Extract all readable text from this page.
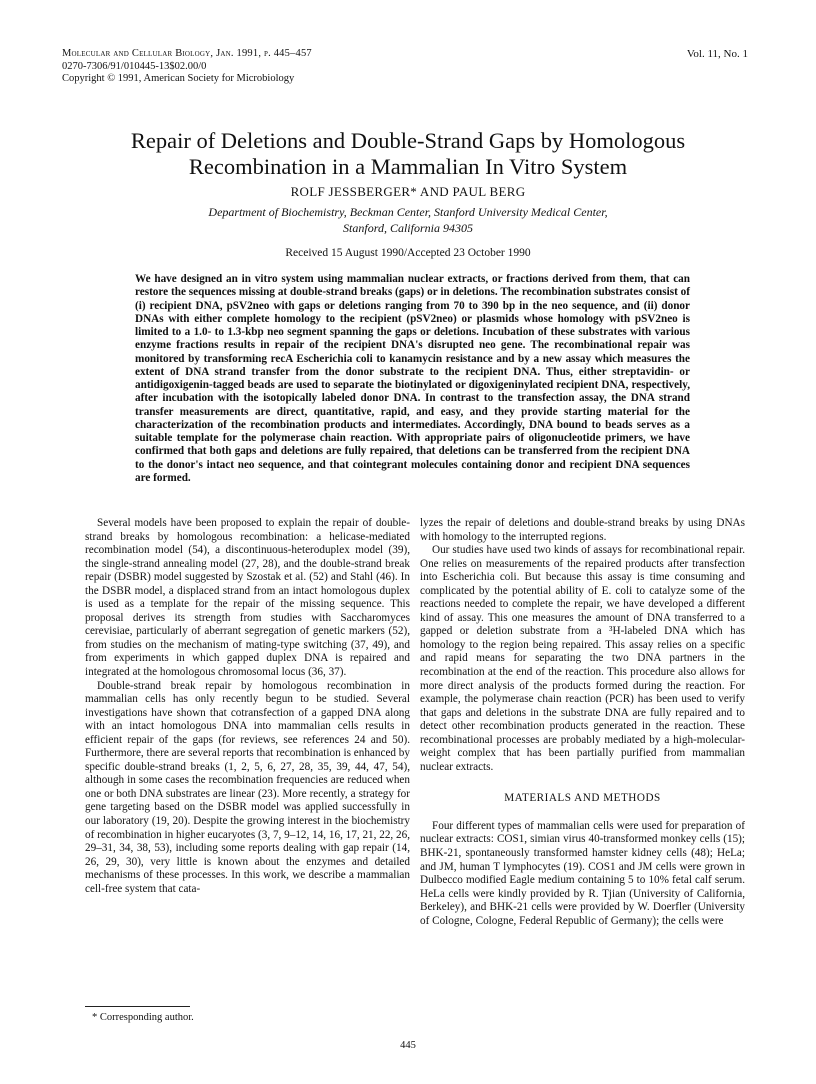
Molecular and Cellular Biology, Jan. 1991, p. 445–457
0270-7306/91/010445-13$02.00/0
Copyright © 1991, American Society for Microbiology
Vol. 11, No. 1
Repair of Deletions and Double-Strand Gaps by Homologous Recombination in a Mammalian In Vitro System
ROLF JESSBERGER* AND PAUL BERG
Department of Biochemistry, Beckman Center, Stanford University Medical Center,
Stanford, California 94305
Received 15 August 1990/Accepted 23 October 1990
We have designed an in vitro system using mammalian nuclear extracts, or fractions derived from them, that can restore the sequences missing at double-strand breaks (gaps) or in deletions. The recombination substrates consist of (i) recipient DNA, pSV2neo with gaps or deletions ranging from 70 to 390 bp in the neo sequence, and (ii) donor DNAs with either complete homology to the recipient (pSV2neo) or plasmids whose homology with pSV2neo is limited to a 1.0- to 1.3-kbp neo segment spanning the gaps or deletions. Incubation of these substrates with various enzyme fractions results in repair of the recipient DNA's disrupted neo gene. The recombinational repair was monitored by transforming recA Escherichia coli to kanamycin resistance and by a new assay which measures the extent of DNA strand transfer from the donor substrate to the recipient DNA. Thus, either streptavidin- or antidigoxigenin-tagged beads are used to separate the biotinylated or digoxigeninylated recipient DNA, respectively, after incubation with the isotopically labeled donor DNA. In contrast to the transfection assay, the DNA strand transfer measurements are direct, quantitative, rapid, and easy, and they provide starting material for the characterization of the recombination products and intermediates. Accordingly, DNA bound to beads serves as a suitable template for the polymerase chain reaction. With appropriate pairs of oligonucleotide primers, we have confirmed that both gaps and deletions are fully repaired, that deletions can be transferred from the recipient DNA to the donor's intact neo sequence, and that cointegrant molecules containing donor and recipient DNA sequences are formed.

Several models have been proposed to explain the repair of double-strand breaks by homologous recombination: a helicase-mediated recombination model (54), a discontinuous-heteroduplex model (39), the single-strand annealing model (27, 28), and the double-strand break repair (DSBR) model suggested by Szostak et al. (52) and Stahl (46). In the DSBR model, a displaced strand from an intact homologous duplex is used as a template for the repair of the missing sequence. This proposal derives its strength from studies with Saccharomyces cerevisiae, particularly of aberrant segregation of genetic markers (52), from studies on the mechanism of mating-type switching (37, 49), and from experiments in which gapped duplex DNA is repaired and integrated at the homologous chromosomal locus (36, 37).

Double-strand break repair by homologous recombination in mammalian cells has only recently begun to be studied. Several investigations have shown that cotransfection of a gapped DNA along with an intact homologous DNA into mammalian cells results in efficient repair of the gaps (for reviews, see references 24 and 50). Furthermore, there are several reports that recombination is enhanced by specific double-strand breaks (1, 2, 5, 6, 27, 28, 35, 39, 44, 47, 54), although in some cases the recombination frequencies are reduced when one or both DNA substrates are linear (23). More recently, a strategy for gene targeting based on the DSBR model was applied successfully in our laboratory (19, 20). Despite the growing interest in the biochemistry of recombination in higher eucaryotes (3, 7, 9–12, 14, 16, 17, 21, 22, 26, 29–31, 34, 38, 53), including some reports dealing with gap repair (14, 26, 29, 30), very little is known about the enzymes and detailed mechanisms of these processes. In this work, we describe a mammalian cell-free system that cata-

lyzes the repair of deletions and double-strand breaks by using DNAs with homology to the interrupted regions.

Our studies have used two kinds of assays for recombinational repair. One relies on measurements of the repaired products after transfection into Escherichia coli. But because this assay is time consuming and complicated by the potential ability of E. coli to catalyze some of the reactions needed to complete the repair, we have developed a different kind of assay. This one measures the amount of DNA transferred to a gapped or deletion substrate from a ³H-labeled DNA which has homology to the region being repaired. This assay relies on a specific and rapid means for separating the two DNA partners in the recombination at the end of the reaction. This procedure also allows for more direct analysis of the products formed during the reaction. For example, the polymerase chain reaction (PCR) has been used to verify that gaps and deletions in the substrate DNA are fully repaired and to detect other recombination products generated in the reaction. These recombinational processes are probably mediated by a high-molecular-weight complex that has been partially purified from mammalian nuclear extracts.

MATERIALS AND METHODS

Four different types of mammalian cells were used for preparation of nuclear extracts: COS1, simian virus 40-transformed monkey cells (15); BHK-21, spontaneously transformed hamster kidney cells (48); HeLa; and JM, human T lymphocytes (19). COS1 and JM cells were grown in Dulbecco modified Eagle medium containing 5 to 10% fetal calf serum. HeLa cells were kindly provided by R. Tjian (University of California, Berkeley), and BHK-21 cells were provided by W. Doerfler (University of Cologne, Cologne, Federal Republic of Germany); the cells were

* Corresponding author.
445
